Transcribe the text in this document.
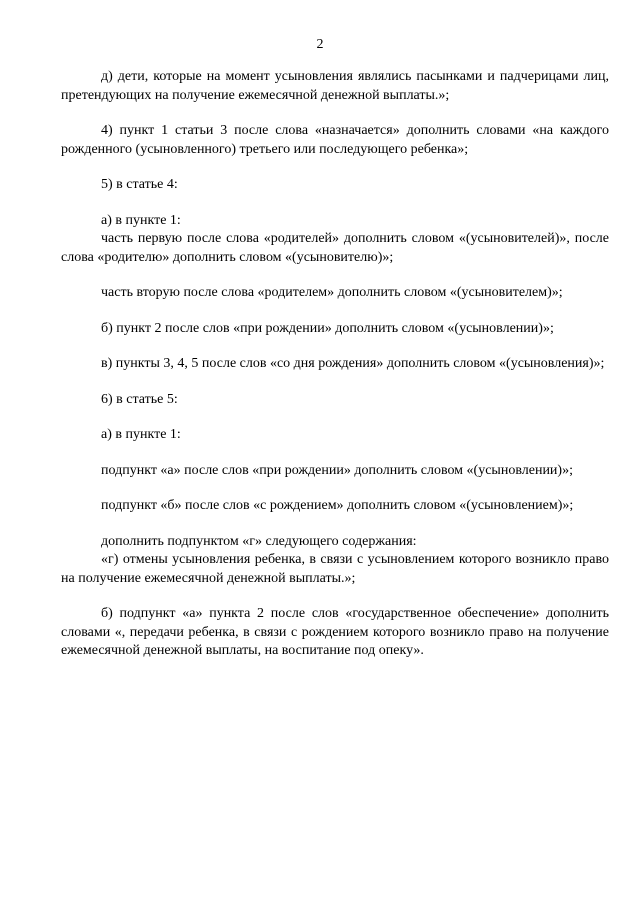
2

д) дети, которые на момент усыновления являлись пасынками и падчерицами лиц, претендующих на получение ежемесячной денежной выплаты.»;

4) пункт 1 статьи 3 после слова «назначается» дополнить словами «на каждого рожденного (усыновленного) третьего или последующего ребенка»;

5) в статье 4:

а) в пункте 1:

часть первую после слова «родителей» дополнить словом «(усыновителей)», после слова «родителю» дополнить словом «(усыновителю)»;

часть вторую после слова «родителем» дополнить словом «(усыновителем)»;

б) пункт 2 после слов «при рождении» дополнить словом «(усыновлении)»;

в) пункты 3, 4, 5 после слов «со дня рождения» дополнить словом «(усыновления)»;

6) в статье 5:

а) в пункте 1:

подпункт «а» после слов «при рождении» дополнить словом «(усыновлении)»;

подпункт «б» после слов «с рождением» дополнить словом «(усыновлением)»;

дополнить подпунктом «г» следующего содержания:

«г) отмены усыновления ребенка, в связи с усыновлением которого возникло право на получение ежемесячной денежной выплаты.»;

б) подпункт «а» пункта 2 после слов «государственное обеспечение» дополнить словами «, передачи ребенка, в связи с рождением которого возникло право на получение ежемесячной денежной выплаты, на воспитание под опеку».
